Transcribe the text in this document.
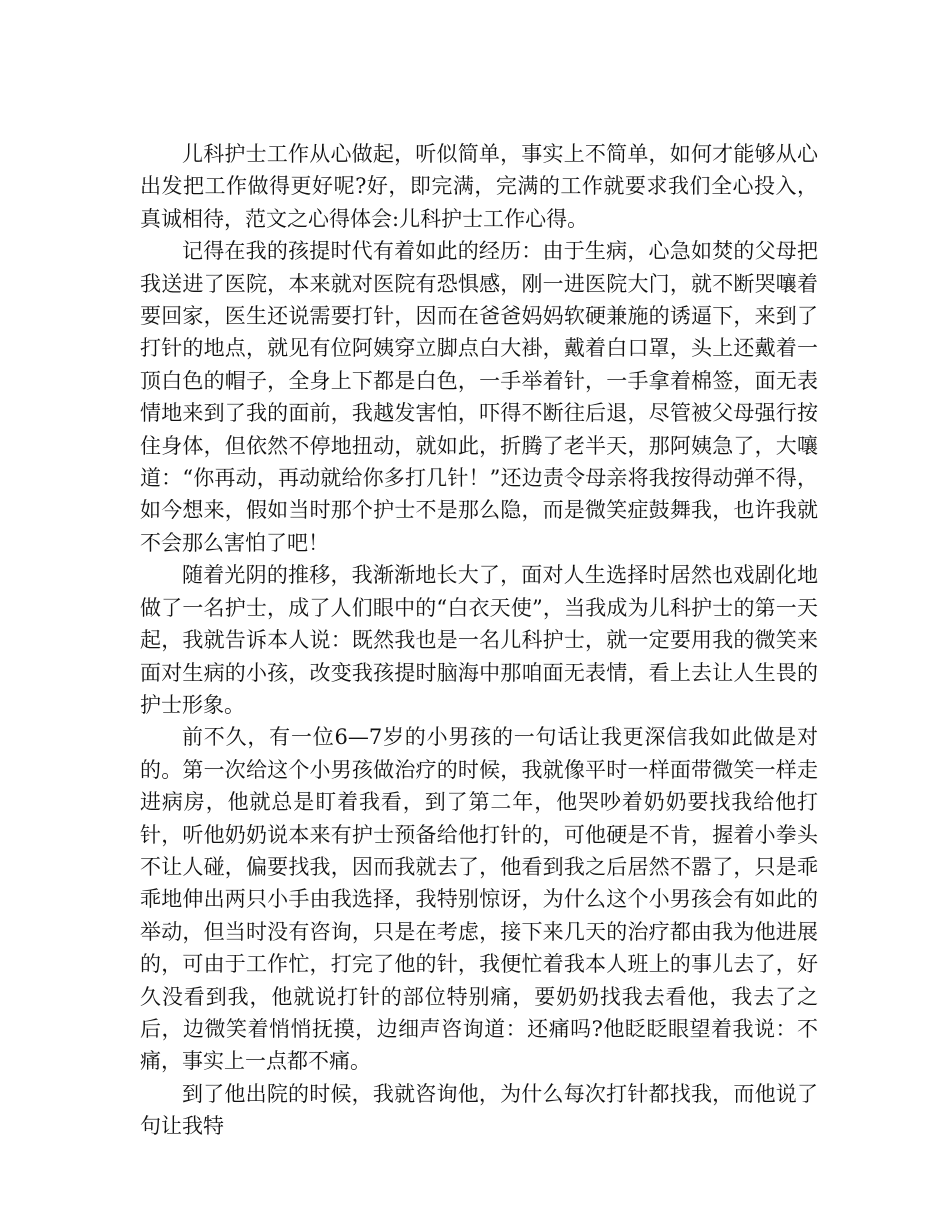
儿科护士工作从心做起，听似简单，事实上不简单，如何才能够从心出发把工作做得更好呢?好，即完满，完满的工作就要求我们全心投入，真诚相待，范文之心得体会:儿科护士工作心得。

记得在我的孩提时代有着如此的经历：由于生病，心急如焚的父母把我送进了医院，本来就对医院有恐惧感，刚一进医院大门，就不断哭嚷着要回家，医生还说需要打针，因而在爸爸妈妈软硬兼施的诱逼下，来到了打针的地点，就见有位阿姨穿立脚点白大褂，戴着白口罩，头上还戴着一顶白色的帽子，全身上下都是白色，一手举着针，一手拿着棉签，面无表情地来到了我的面前，我越发害怕，吓得不断往后退，尽管被父母强行按住身体，但依然不停地扭动，就如此，折腾了老半天，那阿姨急了，大嚷道：“你再动，再动就给你多打几针！”还边责令母亲将我按得动弹不得，如今想来，假如当时那个护士不是那么隐，而是微笑症鼓舞我，也许我就不会那么害怕了吧！

随着光阴的推移，我渐渐地长大了，面对人生选择时居然也戏剧化地做了一名护士，成了人们眼中的“白衣天使”，当我成为儿科护士的第一天起，我就告诉本人说：既然我也是一名儿科护士，就一定要用我的微笑来面对生病的小孩，改变我孩提时脑海中那咱面无表情，看上去让人生畏的护士形象。

前不久，有一位6—7岁的小男孩的一句话让我更深信我如此做是对的。第一次给这个小男孩做治疗的时候，我就像平时一样面带微笑一样走进病房，他就总是盯着我看，到了第二年，他哭吵着奶奶要找我给他打针，听他奶奶说本来有护士预备给他打针的，可他硬是不肯，握着小拳头不让人碰，偏要找我，因而我就去了，他看到我之后居然不嚣了，只是乖乖地伸出两只小手由我选择，我特别惊讶，为什么这个小男孩会有如此的举动，但当时没有咨询，只是在考虑，接下来几天的治疗都由我为他进展的，可由于工作忙，打完了他的针，我便忙着我本人班上的事儿去了，好久没看到我，他就说打针的部位特别痛，要奶奶找我去看他，我去了之后，边微笑着悄悄抚摸，边细声咨询道：还痛吗?他眨眨眼望着我说：不痛，事实上一点都不痛。

到了他出院的时候，我就咨询他，为什么每次打针都找我，而他说了句让我特
